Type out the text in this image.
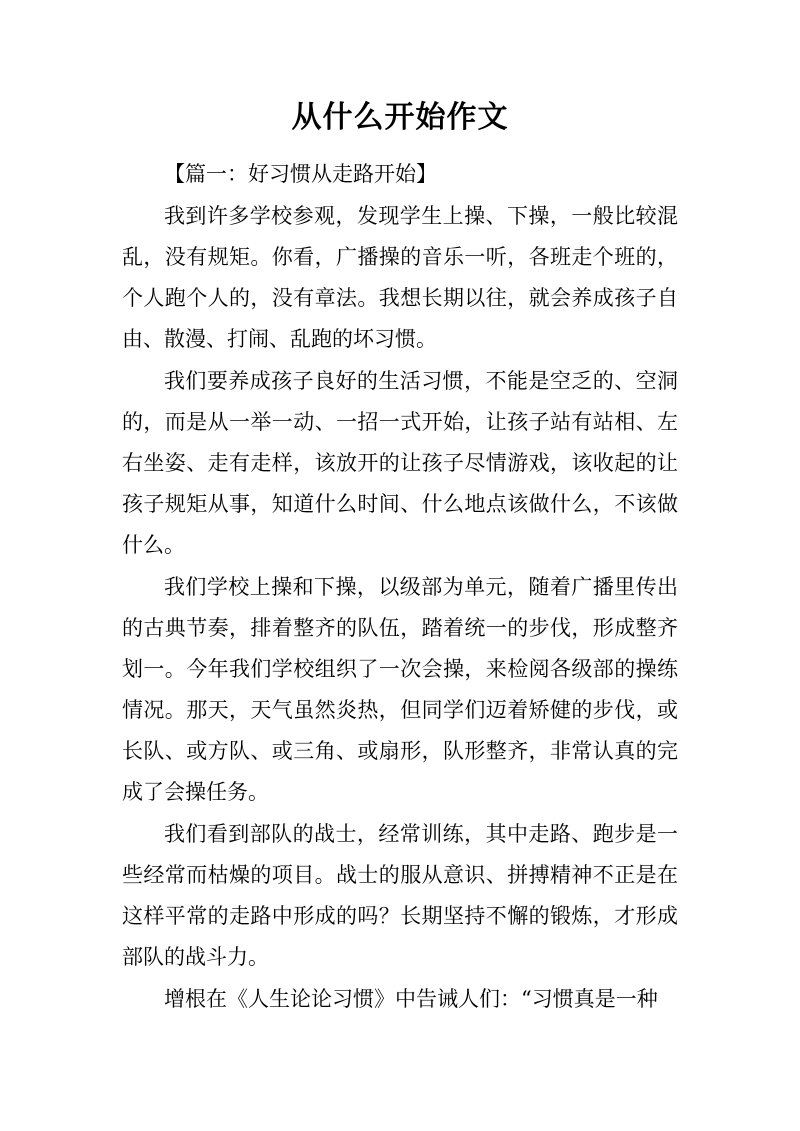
从什么开始作文

【篇一：好习惯从走路开始】

我到许多学校参观，发现学生上操、下操，一般比较混乱，没有规矩。你看，广播操的音乐一听，各班走个班的，个人跑个人的，没有章法。我想长期以往，就会养成孩子自由、散漫、打闹、乱跑的坏习惯。

我们要养成孩子良好的生活习惯，不能是空乏的、空洞的，而是从一举一动、一招一式开始，让孩子站有站相、左右坐姿、走有走样，该放开的让孩子尽情游戏，该收起的让孩子规矩从事，知道什么时间、什么地点该做什么，不该做什么。

我们学校上操和下操，以级部为单元，随着广播里传出的古典节奏，排着整齐的队伍，踏着统一的步伐，形成整齐划一。今年我们学校组织了一次会操，来检阅各级部的操练情况。那天，天气虽然炎热，但同学们迈着矫健的步伐，或长队、或方队、或三角、或扇形，队形整齐，非常认真的完成了会操任务。

我们看到部队的战士，经常训练，其中走路、跑步是一些经常而枯燥的项目。战士的服从意识、拼搏精神不正是在这样平常的走路中形成的吗？长期坚持不懈的锻炼，才形成部队的战斗力。

增根在《人生论论习惯》中告诫人们：“习惯真是一种
